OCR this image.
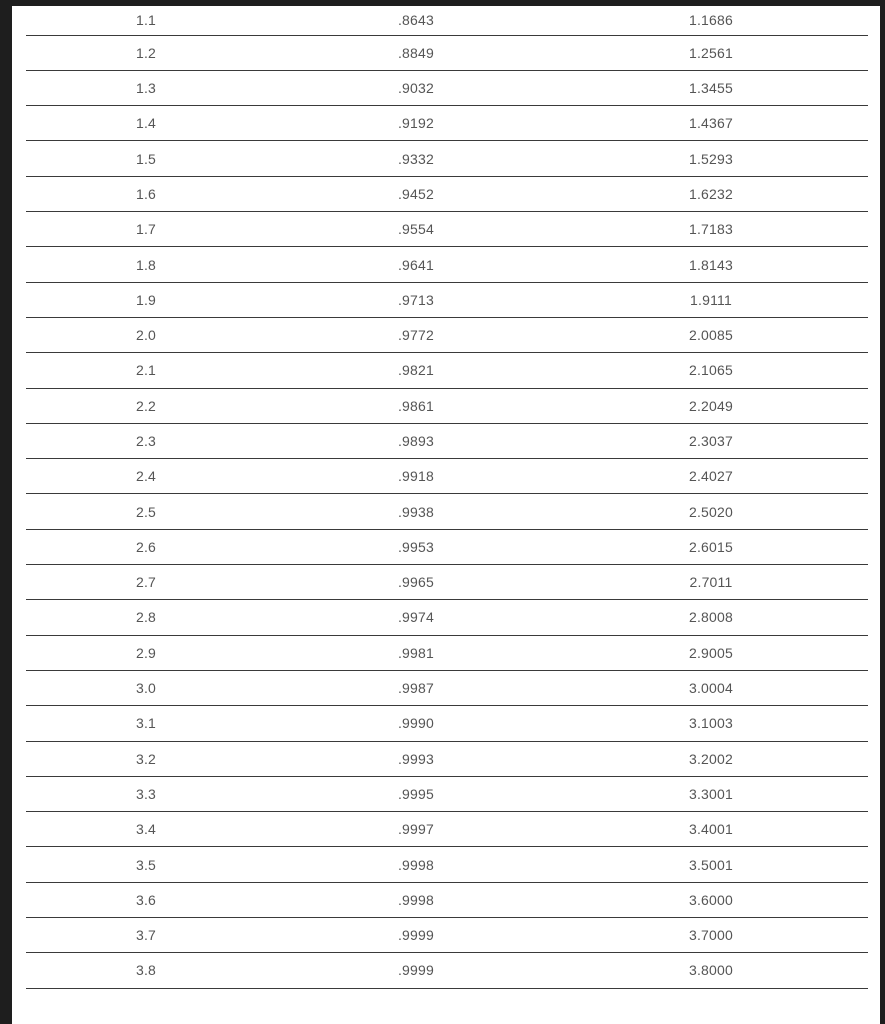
1.1	.8643	1.1686
1.2	.8849	1.2561
1.3	.9032	1.3455
1.4	.9192	1.4367
1.5	.9332	1.5293
1.6	.9452	1.6232
1.7	.9554	1.7183
1.8	.9641	1.8143
1.9	.9713	1.9111
2.0	.9772	2.0085
2.1	.9821	2.1065
2.2	.9861	2.2049
2.3	.9893	2.3037
2.4	.9918	2.4027
2.5	.9938	2.5020
2.6	.9953	2.6015
2.7	.9965	2.7011
2.8	.9974	2.8008
2.9	.9981	2.9005
3.0	.9987	3.0004
3.1	.9990	3.1003
3.2	.9993	3.2002
3.3	.9995	3.3001
3.4	.9997	3.4001
3.5	.9998	3.5001
3.6	.9998	3.6000
3.7	.9999	3.7000
3.8	.9999	3.8000
